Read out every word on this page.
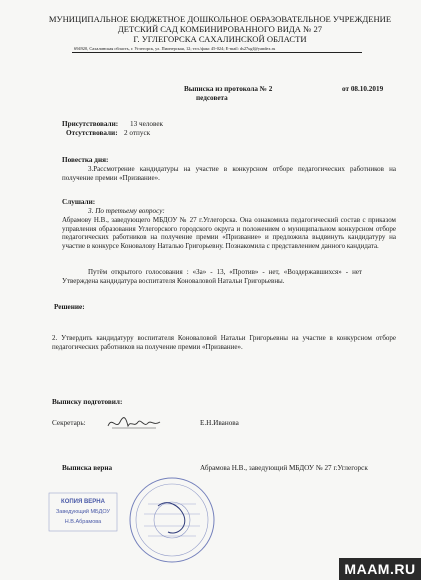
МУНИЦИПАЛЬНОЕ БЮДЖЕТНОЕ ДОШКОЛЬНОЕ ОБРАЗОВАТЕЛЬНОЕ УЧРЕЖДЕНИЕ
ДЕТСКИЙ САД КОМБИНИРОВАННОГО ВИДА № 27
Г. УГЛЕГОРСКА САХАЛИНСКОЙ ОБЛАСТИ
694920, Сахалинская область, г. Углегорск, ул. Пионерская, 12; тел./факс 45-024; E-mail: ds27ugl@yandex.ru
Выписка из протокола № 2
педсовета
от 08.10.2019
Присутствовали: 13 человек
Отсутствовали: 2 отпуск
Повестка дня:
3.Рассмотрение кандидатуры на участие в конкурсном отборе педагогических работников на получение премии «Призвание».
Слушали:
3. По третьему вопросу:
Абрамову Н.В., заведующего МБДОУ № 27 г.Углегорска. Она ознакомила педагогический состав с приказом управления образования Углегорского городского округа и положением о муниципальном конкурсном отборе педагогических работников на получение премии «Призвание» и предложила выдвинуть кандидатуру на участие в конкурсе Коновалову Наталью Григорьевну. Познакомила с представлением данного кандидата.
Путём открытого голосования : «За» - 13, «Против» - нет, «Воздержавшихся» - нет Утверждена кандидатура воспитателя Коноваловой Натальи Григорьевны.
Решение:
2. Утвердить кандидатуру воспитателя Коноваловой Натальи Григорьевны на участие в конкурсном отборе педагогических работников на получение премии «Призвание».
Выписку подготовил:
Секретарь:	Е.Н.Иванова
Выписка верна	Абрамова Н.В., заведующий МБДОУ № 27 г.Углегорск
КОПИЯ ВЕРНА
Заведующий МБДОУ
Н.В.Абрамова
MAAM.RU
